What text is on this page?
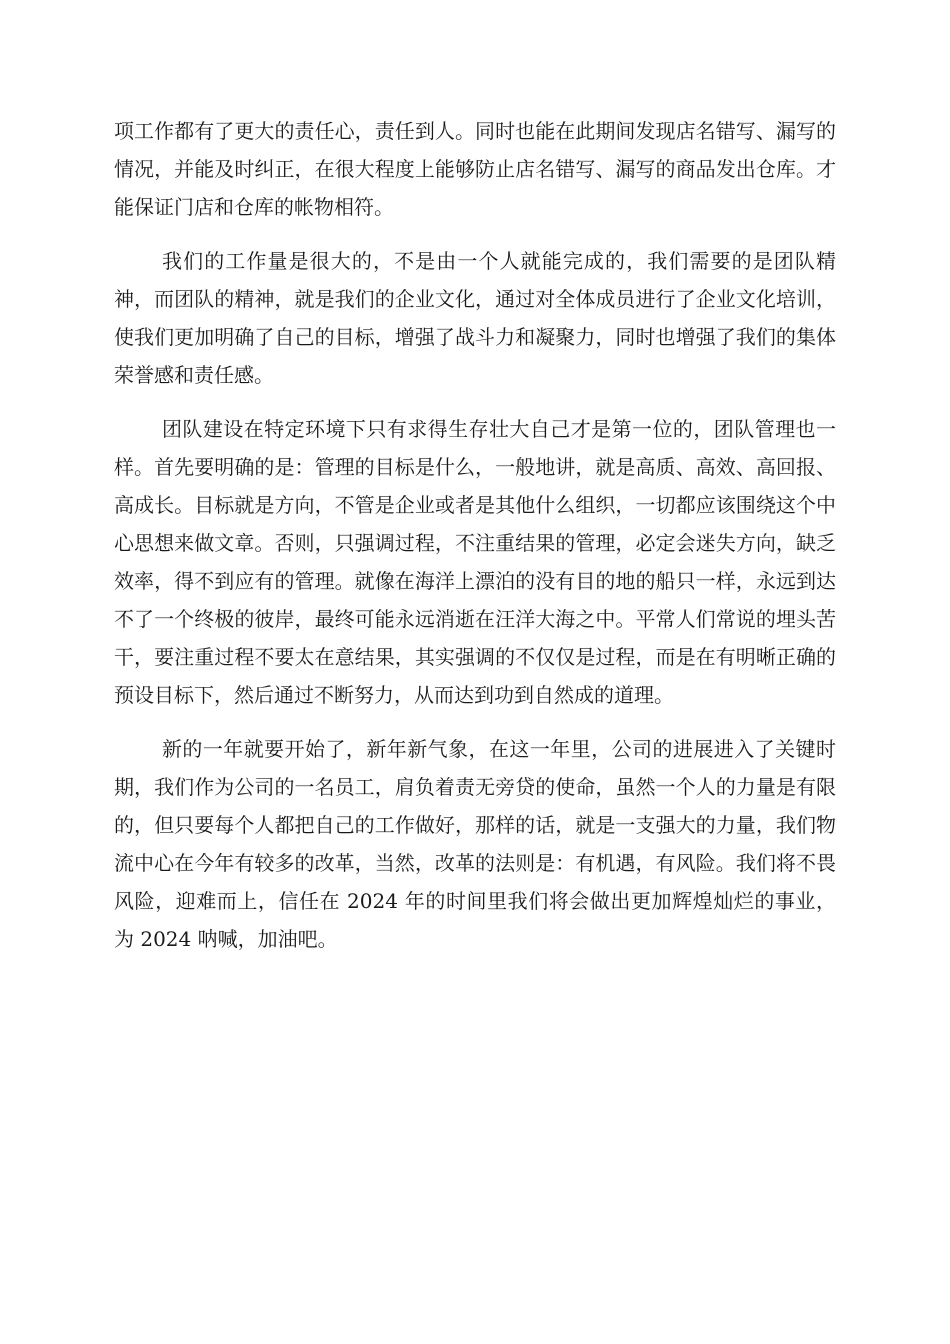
项工作都有了更大的责任心，责任到人。同时也能在此期间发现店名错写、漏写的情况，并能及时纠正，在很大程度上能够防止店名错写、漏写的商品发出仓库。才能保证门店和仓库的帐物相符。

我们的工作量是很大的，不是由一个人就能完成的，我们需要的是团队精神，而团队的精神，就是我们的企业文化，通过对全体成员进行了企业文化培训，使我们更加明确了自己的目标，增强了战斗力和凝聚力，同时也增强了我们的集体荣誉感和责任感。

团队建设在特定环境下只有求得生存壮大自己才是第一位的，团队管理也一样。首先要明确的是：管理的目标是什么，一般地讲，就是高质、高效、高回报、高成长。目标就是方向，不管是企业或者是其他什么组织，一切都应该围绕这个中心思想来做文章。否则，只强调过程，不注重结果的管理，必定会迷失方向，缺乏效率，得不到应有的管理。就像在海洋上漂泊的没有目的地的船只一样，永远到达不了一个终极的彼岸，最终可能永远消逝在汪洋大海之中。平常人们常说的埋头苦干，要注重过程不要太在意结果，其实强调的不仅仅是过程，而是在有明晰正确的预设目标下，然后通过不断努力，从而达到功到自然成的道理。

新的一年就要开始了，新年新气象，在这一年里，公司的进展进入了关键时期，我们作为公司的一名员工，肩负着责无旁贷的使命，虽然一个人的力量是有限的，但只要每个人都把自己的工作做好，那样的话，就是一支强大的力量，我们物流中心在今年有较多的改革，当然，改革的法则是：有机遇，有风险。我们将不畏风险，迎难而上，信任在 2024 年的时间里我们将会做出更加辉煌灿烂的事业，为 2024 呐喊，加油吧。
